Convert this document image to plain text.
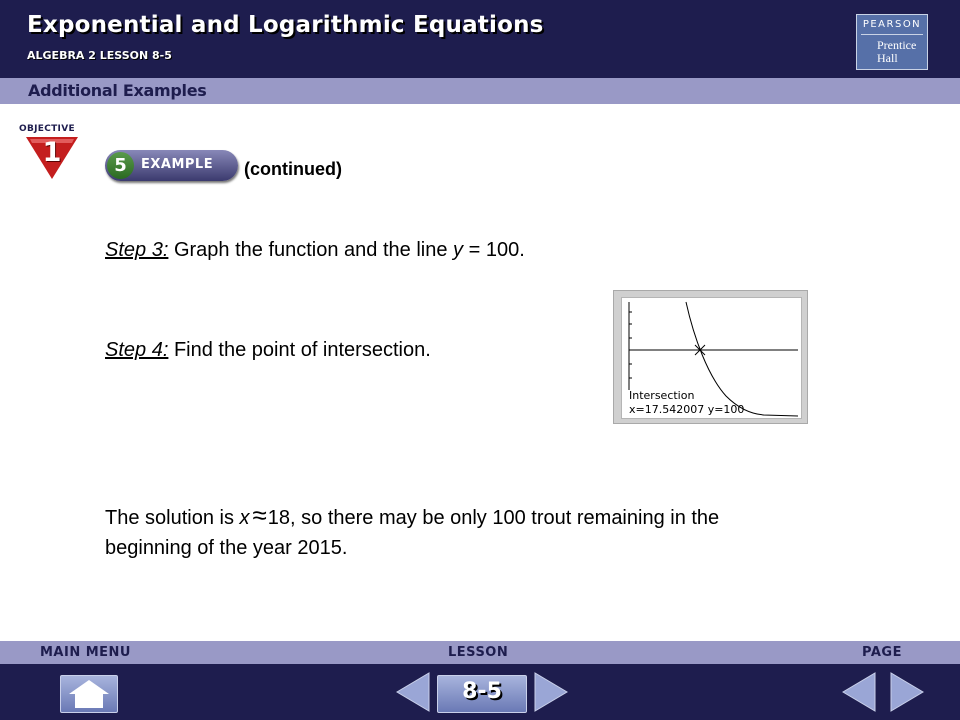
Exponential and Logarithmic Equations
ALGEBRA 2 LESSON 8-5
PEARSON
Prentice
Hall
Additional Examples
OBJECTIVE
1	5	EXAMPLE (continued)
Step 3: Graph the function and the line y = 100.
Step 4: Find the point of intersection.
Intersection
x=17.542007 y=100
The solution is x ≈18, so there may be only 100 trout remaining in the
beginning of the year 2015.
MAIN MENU	LESSON	PAGE
8-5
